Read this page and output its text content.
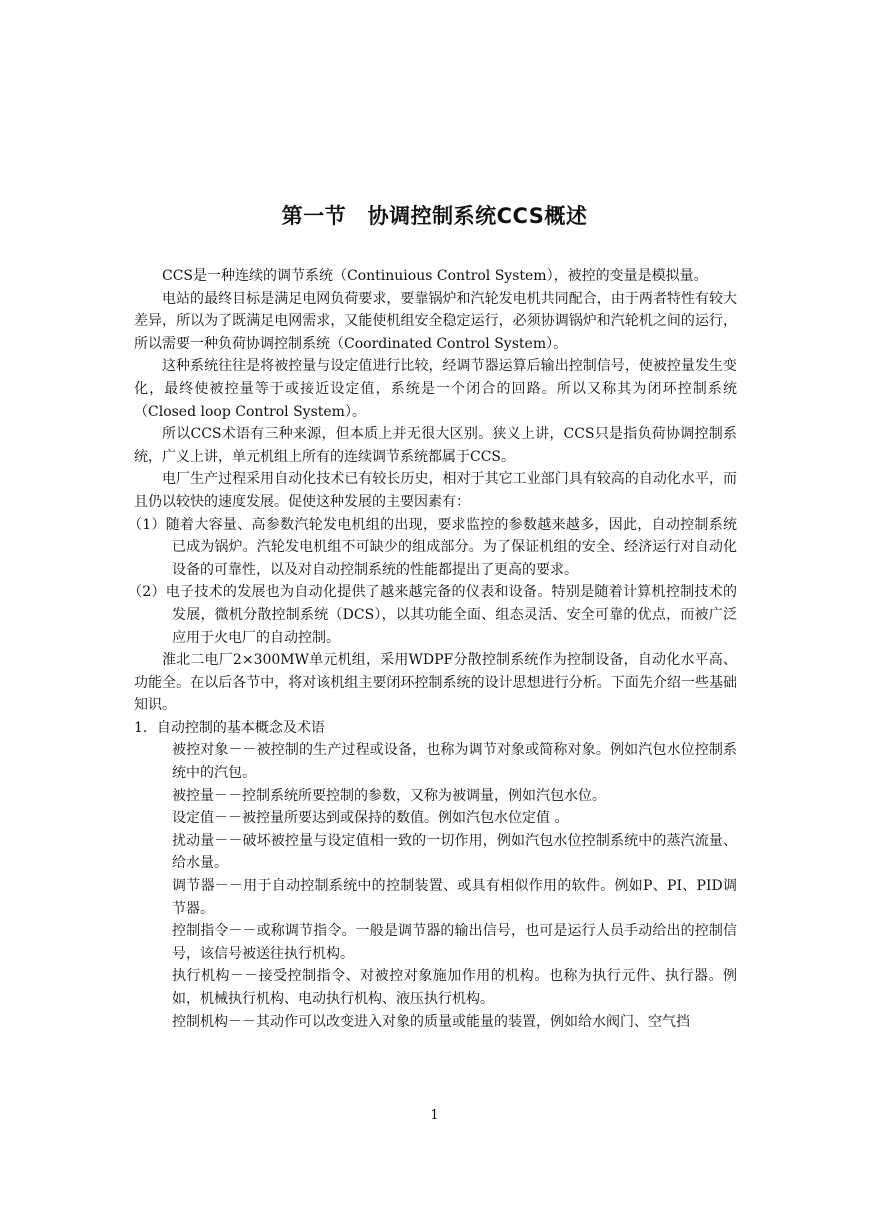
第一节　协调控制系统CCS概述

CCS是一种连续的调节系统（Continuious Control System），被控的变量是模拟量。

电站的最终目标是满足电网负荷要求，要靠锅炉和汽轮发电机共同配合，由于两者特性有较大差异，所以为了既满足电网需求，又能使机组安全稳定运行，必须协调锅炉和汽轮机之间的运行，所以需要一种负荷协调控制系统（Coordinated Control System）。

这种系统往往是将被控量与设定值进行比较，经调节器运算后输出控制信号，使被控量发生变化，最终使被控量等于或接近设定值，系统是一个闭合的回路。所以又称其为闭环控制系统（Closed loop Control System）。

所以CCS术语有三种来源，但本质上并无很大区别。狭义上讲，CCS只是指负荷协调控制系统，广义上讲，单元机组上所有的连续调节系统都属于CCS。

电厂生产过程采用自动化技术已有较长历史，相对于其它工业部门具有较高的自动化水平，而且仍以较快的速度发展。促使这种发展的主要因素有：

（1）随着大容量、高参数汽轮发电机组的出现，要求监控的参数越来越多，因此，自动控制系统已成为锅炉。汽轮发电机组不可缺少的组成部分。为了保证机组的安全、经济运行对自动化设备的可靠性，以及对自动控制系统的性能都提出了更高的要求。

（2）电子技术的发展也为自动化提供了越来越完备的仪表和设备。特别是随着计算机控制技术的发展，微机分散控制系统（DCS），以其功能全面、组态灵活、安全可靠的优点，而被广泛应用于火电厂的自动控制。

淮北二电厂2×300MW单元机组，采用WDPF分散控制系统作为控制设备，自动化水平高、功能全。在以后各节中，将对该机组主要闭环控制系统的设计思想进行分析。下面先介绍一些基础知识。

1．自动控制的基本概念及术语

被控对象－－被控制的生产过程或设备，也称为调节对象或简称对象。例如汽包水位控制系统中的汽包。

被控量－－控制系统所要控制的参数，又称为被调量，例如汽包水位。

设定值－－被控量所要达到或保持的数值。例如汽包水位定值 。

扰动量－－破坏被控量与设定值相一致的一切作用，例如汽包水位控制系统中的蒸汽流量、给水量。

调节器－－用于自动控制系统中的控制装置、或具有相似作用的软件。例如P、PI、PID调节器。

控制指令－－或称调节指令。一般是调节器的输出信号，也可是运行人员手动给出的控制信号，该信号被送往执行机构。

执行机构－－接受控制指令、对被控对象施加作用的机构。也称为执行元件、执行器。例如，机械执行机构、电动执行机构、液压执行机构。

控制机构－－其动作可以改变进入对象的质量或能量的装置，例如给水阀门、空气挡

1
